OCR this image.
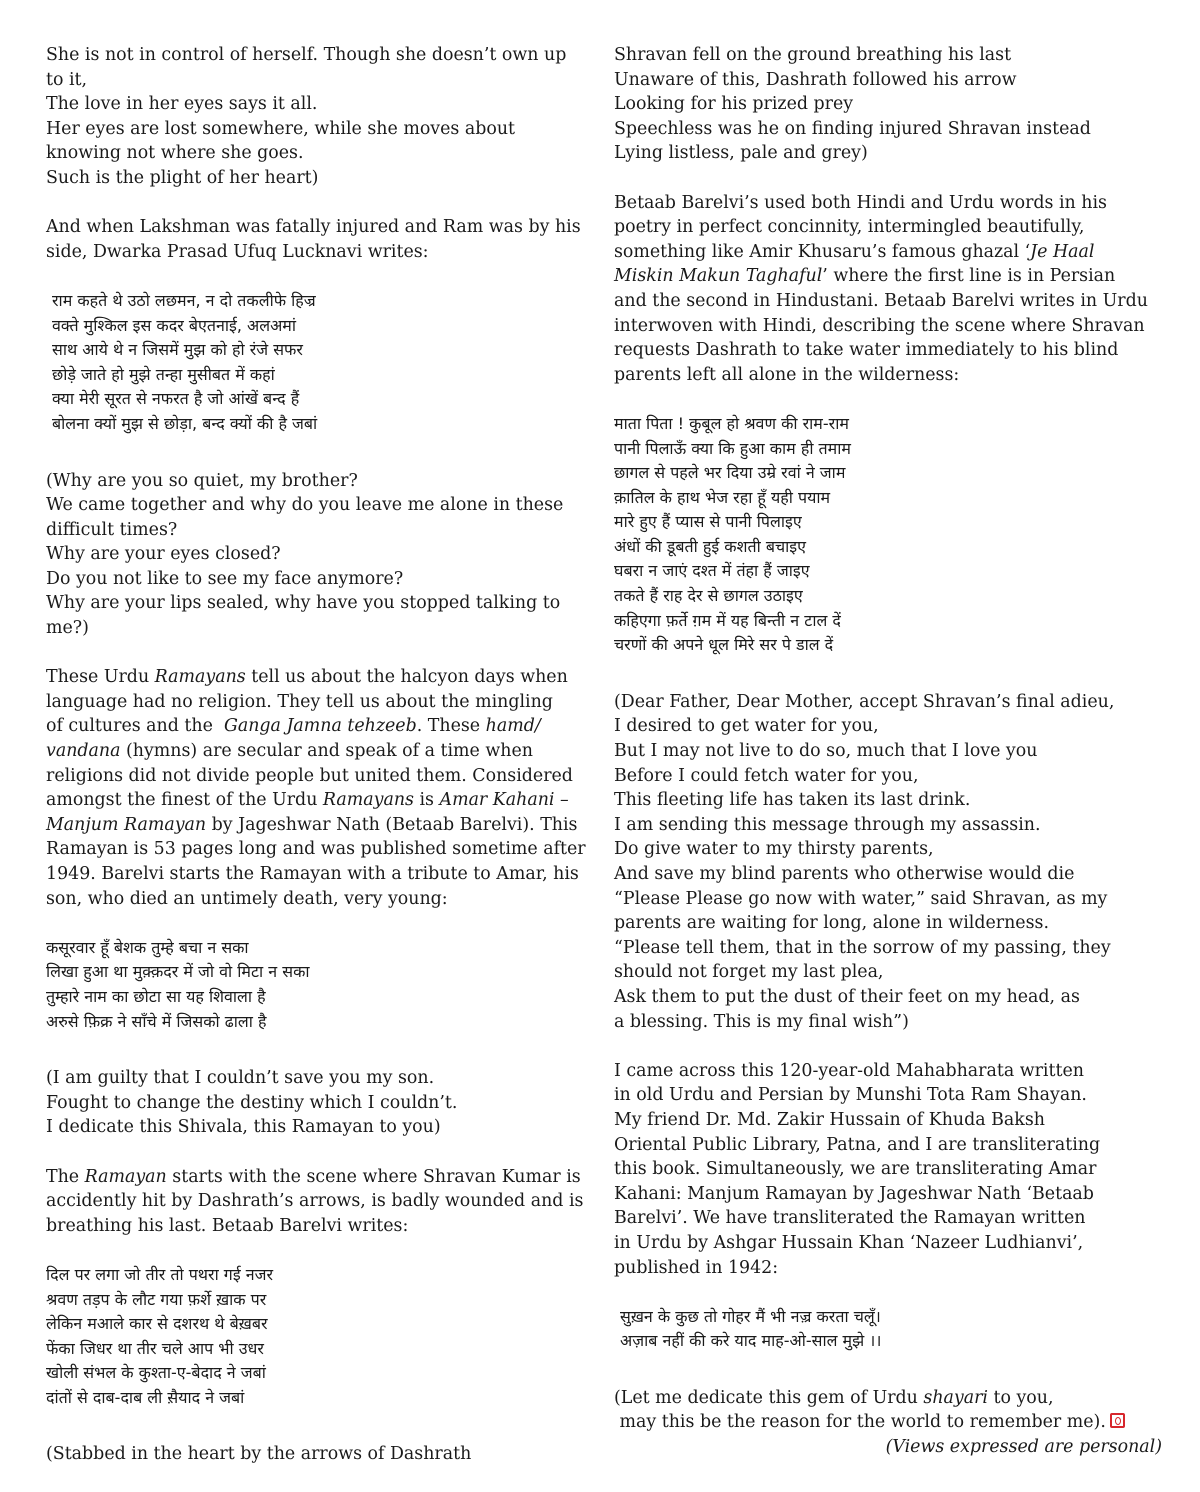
She is not in control of herself. Though she doesn’t own up
to it,
The love in her eyes says it all.
Her eyes are lost somewhere, while she moves about
knowing not where she goes.
Such is the plight of her heart)
And when Lakshman was fatally injured and Ram was by his
side, Dwarka Prasad Ufuq Lucknavi writes:
राम कहते थे उठो लछमन, न दो तकलीफे हिज्र
वक्ते मुश्किल इस कदर बेएतनाई, अलअमां
साथ आये थे न जिसमें मुझ को हो रंजे सफर
छोड़े जाते हो मुझे तन्हा मुसीबत में कहां
क्या मेरी सूरत से नफरत है जो आंखें बन्द हैं
बोलना क्यों मुझ से छोड़ा, बन्द क्यों की है जबां
(Why are you so quiet, my brother?
We came together and why do you leave me alone in these
difficult times?
Why are your eyes closed?
Do you not like to see my face anymore?
Why are your lips sealed, why have you stopped talking to
me?)
These Urdu Ramayans tell us about the halcyon days when
language had no religion. They tell us about the mingling
of cultures and the  Ganga Jamna tehzeeb. These hamd/
vandana (hymns) are secular and speak of a time when
religions did not divide people but united them. Considered
amongst the finest of the Urdu Ramayans is Amar Kahani –
Manjum Ramayan by Jageshwar Nath (Betaab Barelvi). This
Ramayan is 53 pages long and was published sometime after
1949. Barelvi starts the Ramayan with a tribute to Amar, his
son, who died an untimely death, very young:
कसूरवार हूँ बेशक तुम्हे बचा न सका
लिखा हुआ था मुक़्क़दर में जो वो मिटा न सका
तुम्हारे नाम का छोटा सा यह शिवाला है
अरुसे फ़िक्र ने साँचे में जिसको ढाला है
(I am guilty that I couldn’t save you my son.
Fought to change the destiny which I couldn’t.
I dedicate this Shivala, this Ramayan to you)
The Ramayan starts with the scene where Shravan Kumar is
accidently hit by Dashrath’s arrows, is badly wounded and is
breathing his last. Betaab Barelvi writes:
दिल पर लगा जो तीर तो पथरा गई नजर
श्रवण तड़प के लौट गया फ़र्शे ख़ाक पर
लेकिन मआले कार से दशरथ थे बेख़बर
फेंका जिधर था तीर चले आप भी उधर
खोली संभल के कुश्ता-ए-बेदाद ने जबां
दांतों से दाब-दाब ली स़ैयाद ने जबां
(Stabbed in the heart by the arrows of Dashrath
Shravan fell on the ground breathing his last
Unaware of this, Dashrath followed his arrow
Looking for his prized prey
Speechless was he on finding injured Shravan instead
Lying listless, pale and grey)
Betaab Barelvi’s used both Hindi and Urdu words in his
poetry in perfect concinnity, intermingled beautifully,
something like Amir Khusaru’s famous ghazal ‘Je Haal
Miskin Makun Taghaful’ where the first line is in Persian
and the second in Hindustani. Betaab Barelvi writes in Urdu
interwoven with Hindi, describing the scene where Shravan
requests Dashrath to take water immediately to his blind
parents left all alone in the wilderness:
माता पिता ! कुबूल हो श्रवण की राम-राम
पानी पिलाऊँ क्या कि हुआ काम ही तमाम
छागल से पहले भर दिया उम्रे रवां ने जाम
क़ातिल के हाथ भेज रहा हूँ यही पयाम
मारे हुए हैं प्यास से पानी पिलाइए
अंधों की डूबती हुई कशती बचाइए
घबरा न जाएं दश्त में तंहा हैं जाइए
तकते हैं राह देर से छागल उठाइए
कहिएगा फ़र्ते ग़म में यह बिन्ती न टाल दें
चरणों की अपने धूल मिरे सर पे डाल दें
(Dear Father, Dear Mother, accept Shravan’s final adieu,
I desired to get water for you,
But I may not live to do so, much that I love you
Before I could fetch water for you,
This fleeting life has taken its last drink.
I am sending this message through my assassin.
Do give water to my thirsty parents,
And save my blind parents who otherwise would die
“Please Please go now with water,” said Shravan, as my
parents are waiting for long, alone in wilderness.
“Please tell them, that in the sorrow of my passing, they
should not forget my last plea,
Ask them to put the dust of their feet on my head, as
a blessing. This is my final wish”)
I came across this 120-year-old Mahabharata written
in old Urdu and Persian by Munshi Tota Ram Shayan.
My friend Dr. Md. Zakir Hussain of Khuda Baksh
Oriental Public Library, Patna, and I are transliterating
this book. Simultaneously, we are transliterating Amar
Kahani: Manjum Ramayan by Jageshwar Nath ‘Betaab
Barelvi’. We have transliterated the Ramayan written
in Urdu by Ashgar Hussain Khan ‘Nazeer Ludhianvi’,
published in 1942:
सुख़न के कुछ तो गोहर मैं भी नज़्र करता चलूँ।
अज़ाब नहीं की करे याद माह-ओ-साल मुझे ।।
(Let me dedicate this gem of Urdu shayari to you,
may this be the reason for the world to remember me).
(Views expressed are personal)
